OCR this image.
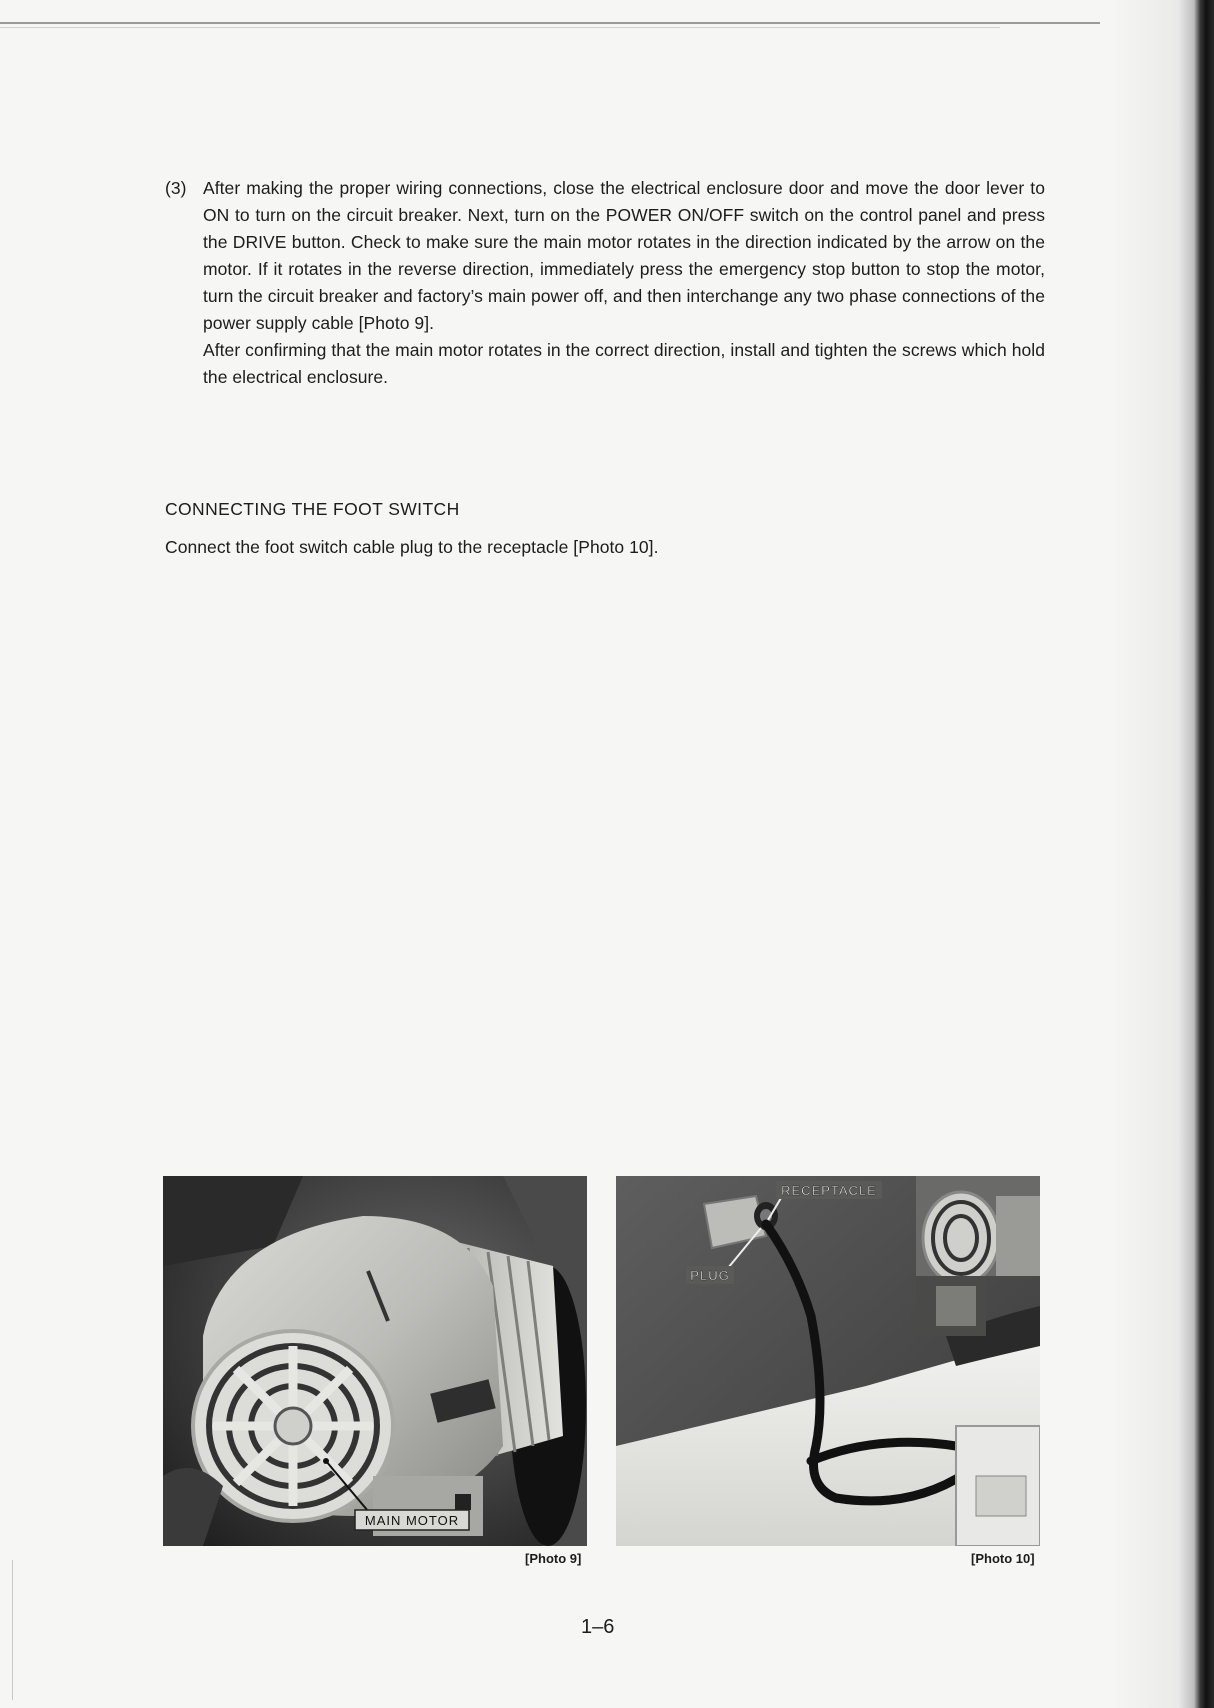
(3) After making the proper wiring connections, close the electrical enclosure door and move the door lever to ON to turn on the circuit breaker. Next, turn on the POWER ON/OFF switch on the control panel and press the DRIVE button. Check to make sure the main motor rotates in the direction indicated by the arrow on the motor. If it rotates in the reverse direction, immediately press the emergency stop button to stop the motor, turn the circuit breaker and factory’s main power off, and then interchange any two phase connections of the power supply cable [Photo 9].

After confirming that the main motor rotates in the correct direction, install and tighten the screws which hold the electrical enclosure.

CONNECTING THE FOOT SWITCH
Connect the foot switch cable plug to the receptacle [Photo 10].
MAIN MOTOR
RECEPTACLE
PLUG
[Photo 9]	[Photo 10]
1–6
